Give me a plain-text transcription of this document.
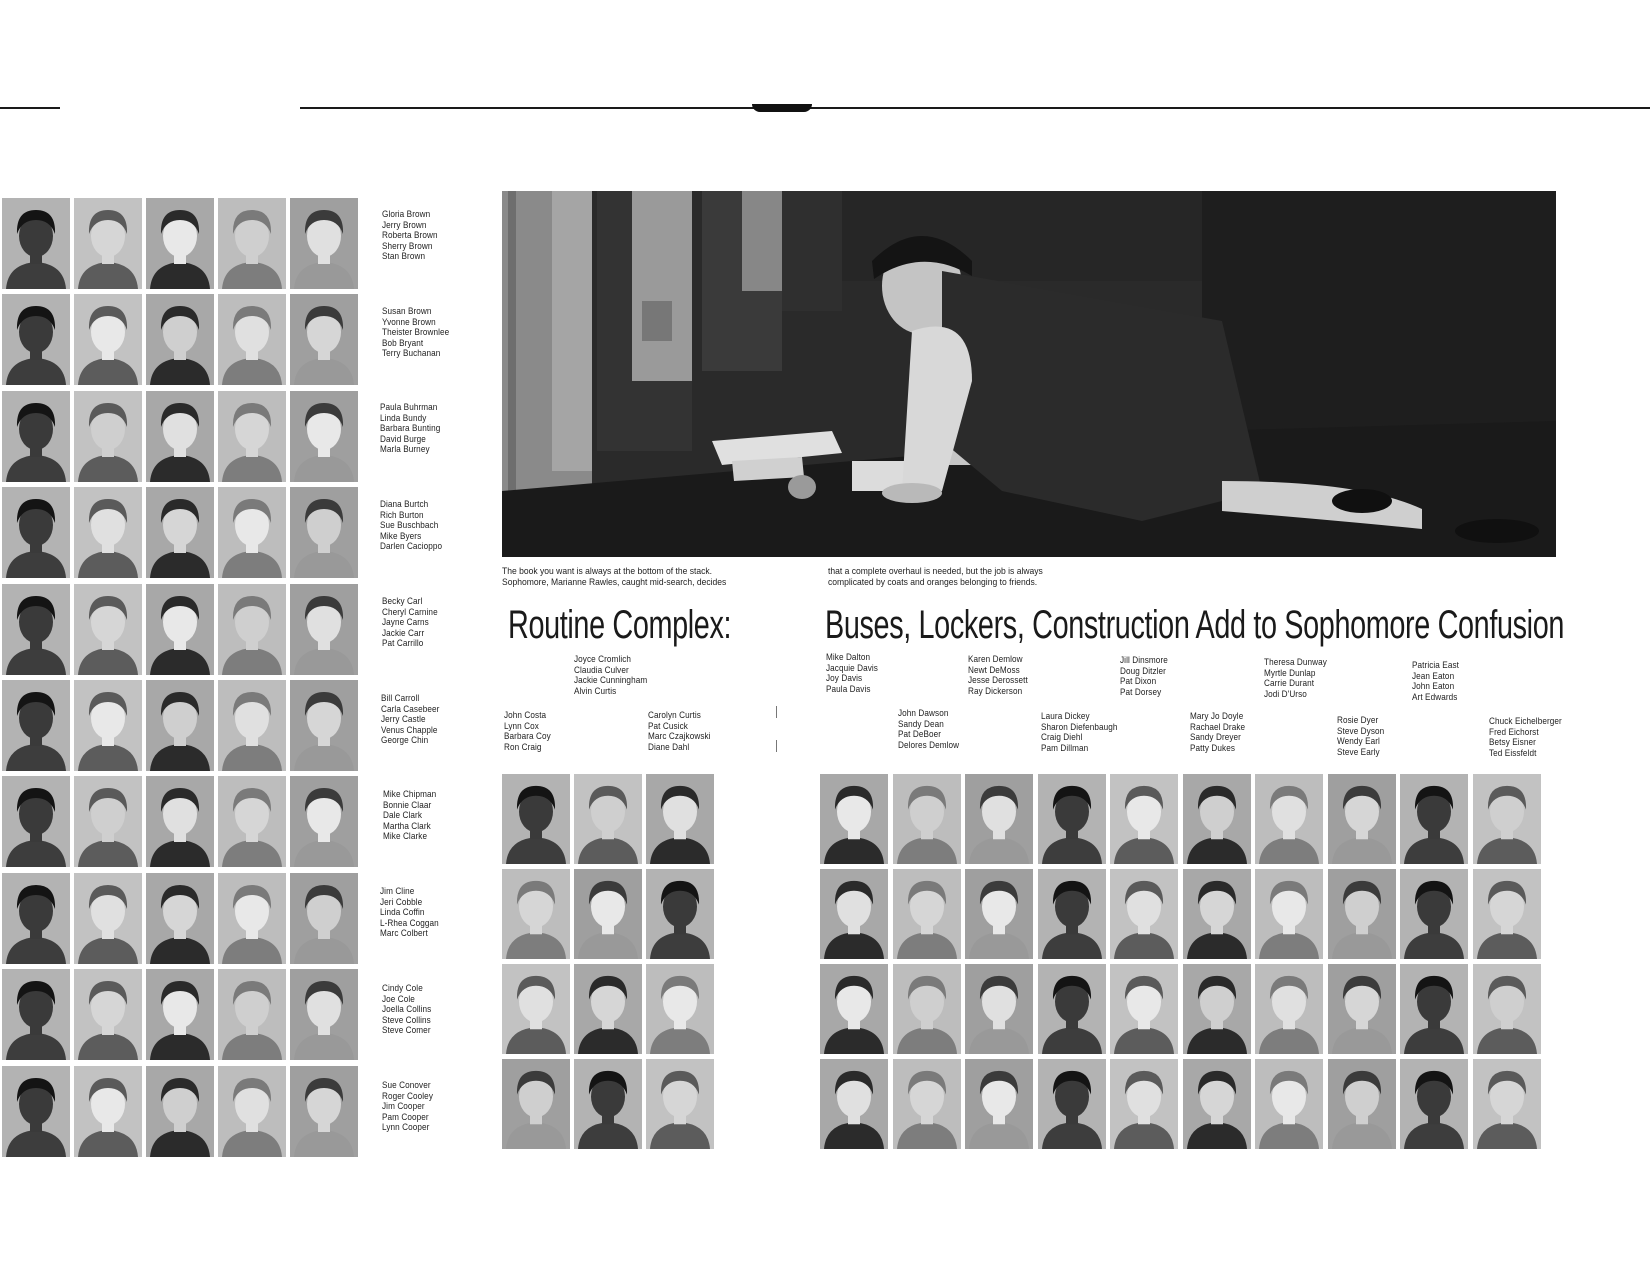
Gloria Brown
Jerry Brown
Roberta Brown
Sherry Brown
Stan Brown
Susan Brown
Yvonne Brown
Theister Brownlee
Bob Bryant
Terry Buchanan
Paula Buhrman
Linda Bundy
Barbara Bunting
David Burge
Marla Burney
Diana Burtch
Rich Burton
Sue Buschbach
Mike Byers
Darlen Cacioppo
Becky Carl
Cheryl Carnine
Jayne Carns
Jackie Carr
Pat Carrillo
Bill Carroll
Carla Casebeer
Jerry Castle
Venus Chapple
George Chin
Mike Chipman
Bonnie Claar
Dale Clark
Martha Clark
Mike Clarke
Jim Cline
Jeri Cobble
Linda Coffin
L-Rhea Coggan
Marc Colbert
Cindy Cole
Joe Cole
Joella Collins
Steve Collins
Steve Comer
Sue Conover
Roger Cooley
Jim Cooper
Pam Cooper
Lynn Cooper
The book you want is always at the bottom of the stack.
Sophomore, Marianne Rawles, caught mid-search, decides
that a complete overhaul is needed, but the job is always
complicated by coats and oranges belonging to friends.
Routine Complex: Buses, Lockers, Construction Add to Sophomore Confusion
Joyce Cromlich
Claudia Culver
Jackie Cunningham
Alvin Curtis
Mike Dalton
Jacquie Davis
Joy Davis
Paula Davis
Karen Demlow
Newt DeMoss
Jesse Derossett
Ray Dickerson
Jill Dinsmore
Doug Ditzler
Pat Dixon
Pat Dorsey
Theresa Dunway
Myrtle Dunlap
Carrie Durant
Jodi D'Urso
Patricia East
Jean Eaton
John Eaton
Art Edwards
John Costa
Lynn Cox
Barbara Coy
Ron Craig
Carolyn Curtis
Pat Cusick
Marc Czajkowski
Diane Dahl
John Dawson
Sandy Dean
Pat DeBoer
Delores Demlow
Laura Dickey
Sharon Diefenbaugh
Craig Diehl
Pam Dillman
Mary Jo Doyle
Rachael Drake
Sandy Dreyer
Patty Dukes
Rosie Dyer
Steve Dyson
Wendy Earl
Steve Early
Chuck Eichelberger
Fred Eichorst
Betsy Eisner
Ted Eissfeldt
